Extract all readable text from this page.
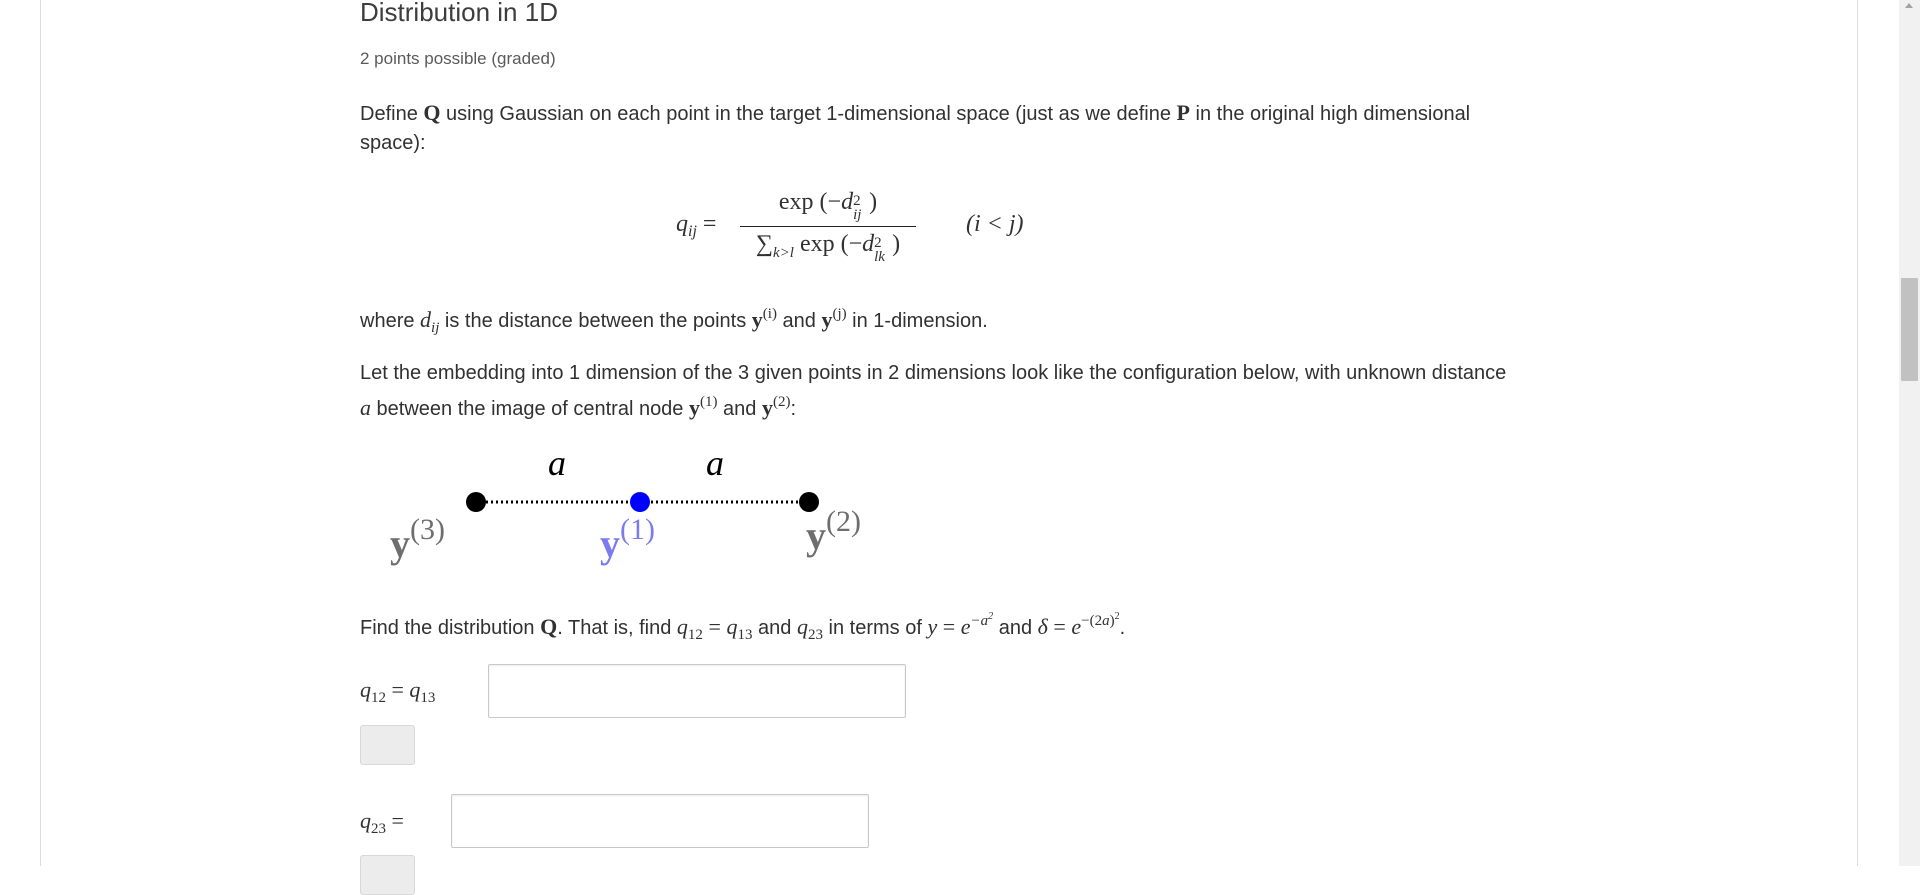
Distribution in 1D
2 points possible (graded)
Define Q using Gaussian on each point in the target 1-dimensional space (just as we define P in the original high dimensional space):
$q_{ij}$ =
exp (−d 2
ij )
$\sum_{k>l}$ exp (−d 2
lk )
(i < j)
where $d_{ij}$ is the distance between the points $y^{(i)}$ and $y^{(j)}$ in 1-dimension.
Let the embedding into 1 dimension of the 3 given points in 2 dimensions look like the configuration below, with unknown distance a between the image of central node $y^{(1)}$ and $y^{(2)}$:
a	a
$y^{(3)}$	$y^{(1)}$	$y^{(2)}$
Find the distribution Q. That is, find $q_{12} = q_{13}$ and $q_{23}$ in terms of $y = e^{-a^2}$ and $\delta = e^{-(2a)^2}$.
$q_{12} = q_{13}$
$q_{23}$ =
